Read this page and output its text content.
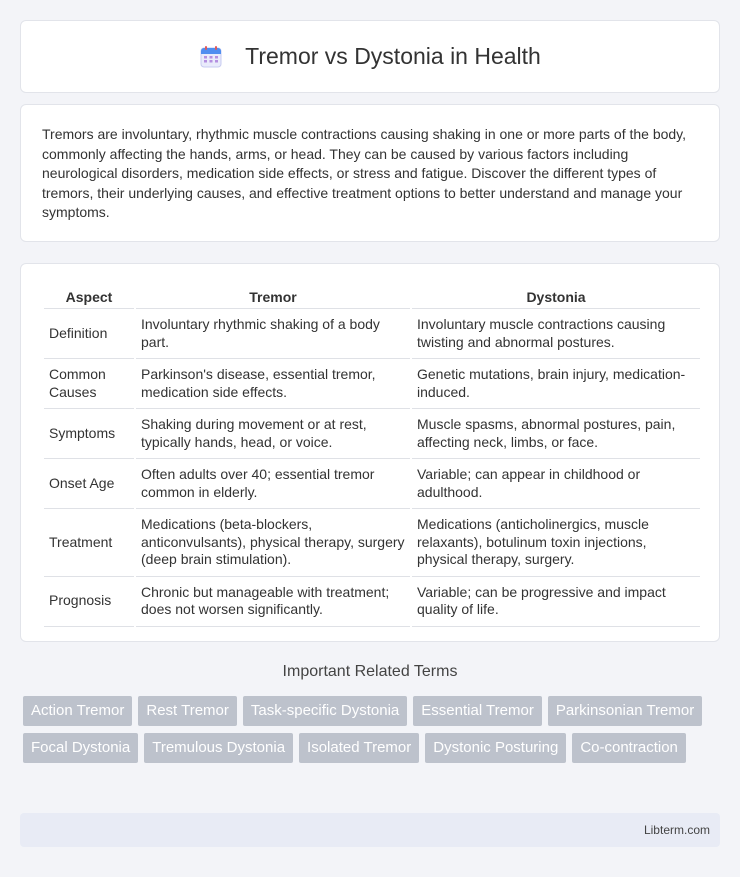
Tremor vs Dystonia in Health

Tremors are involuntary, rhythmic muscle contractions causing shaking in one or more parts of the body, commonly affecting the hands, arms, or head. They can be caused by various factors including neurological disorders, medication side effects, or stress and fatigue. Discover the different types of tremors, their underlying causes, and effective treatment options to better understand and manage your symptoms.

Aspect	Tremor	Dystonia
Definition	Involuntary rhythmic shaking of a body part.	Involuntary muscle contractions causing twisting and abnormal postures.
Common Causes	Parkinson's disease, essential tremor, medication side effects.	Genetic mutations, brain injury, medication-induced.
Symptoms	Shaking during movement or at rest, typically hands, head, or voice.	Muscle spasms, abnormal postures, pain, affecting neck, limbs, or face.
Onset Age	Often adults over 40; essential tremor common in elderly.	Variable; can appear in childhood or adulthood.
Treatment	Medications (beta-blockers, anticonvulsants), physical therapy, surgery (deep brain stimulation).	Medications (anticholinergics, muscle relaxants), botulinum toxin injections, physical therapy, surgery.
Prognosis	Chronic but manageable with treatment; does not worsen significantly.	Variable; can be progressive and impact quality of life.
Important Related Terms
Action Tremor	Rest Tremor	Task-specific Dystonia	Essential Tremor	Parkinsonian Tremor
Focal Dystonia	Tremulous Dystonia	Isolated Tremor	Dystonic Posturing	Co-contraction
Libterm.com
